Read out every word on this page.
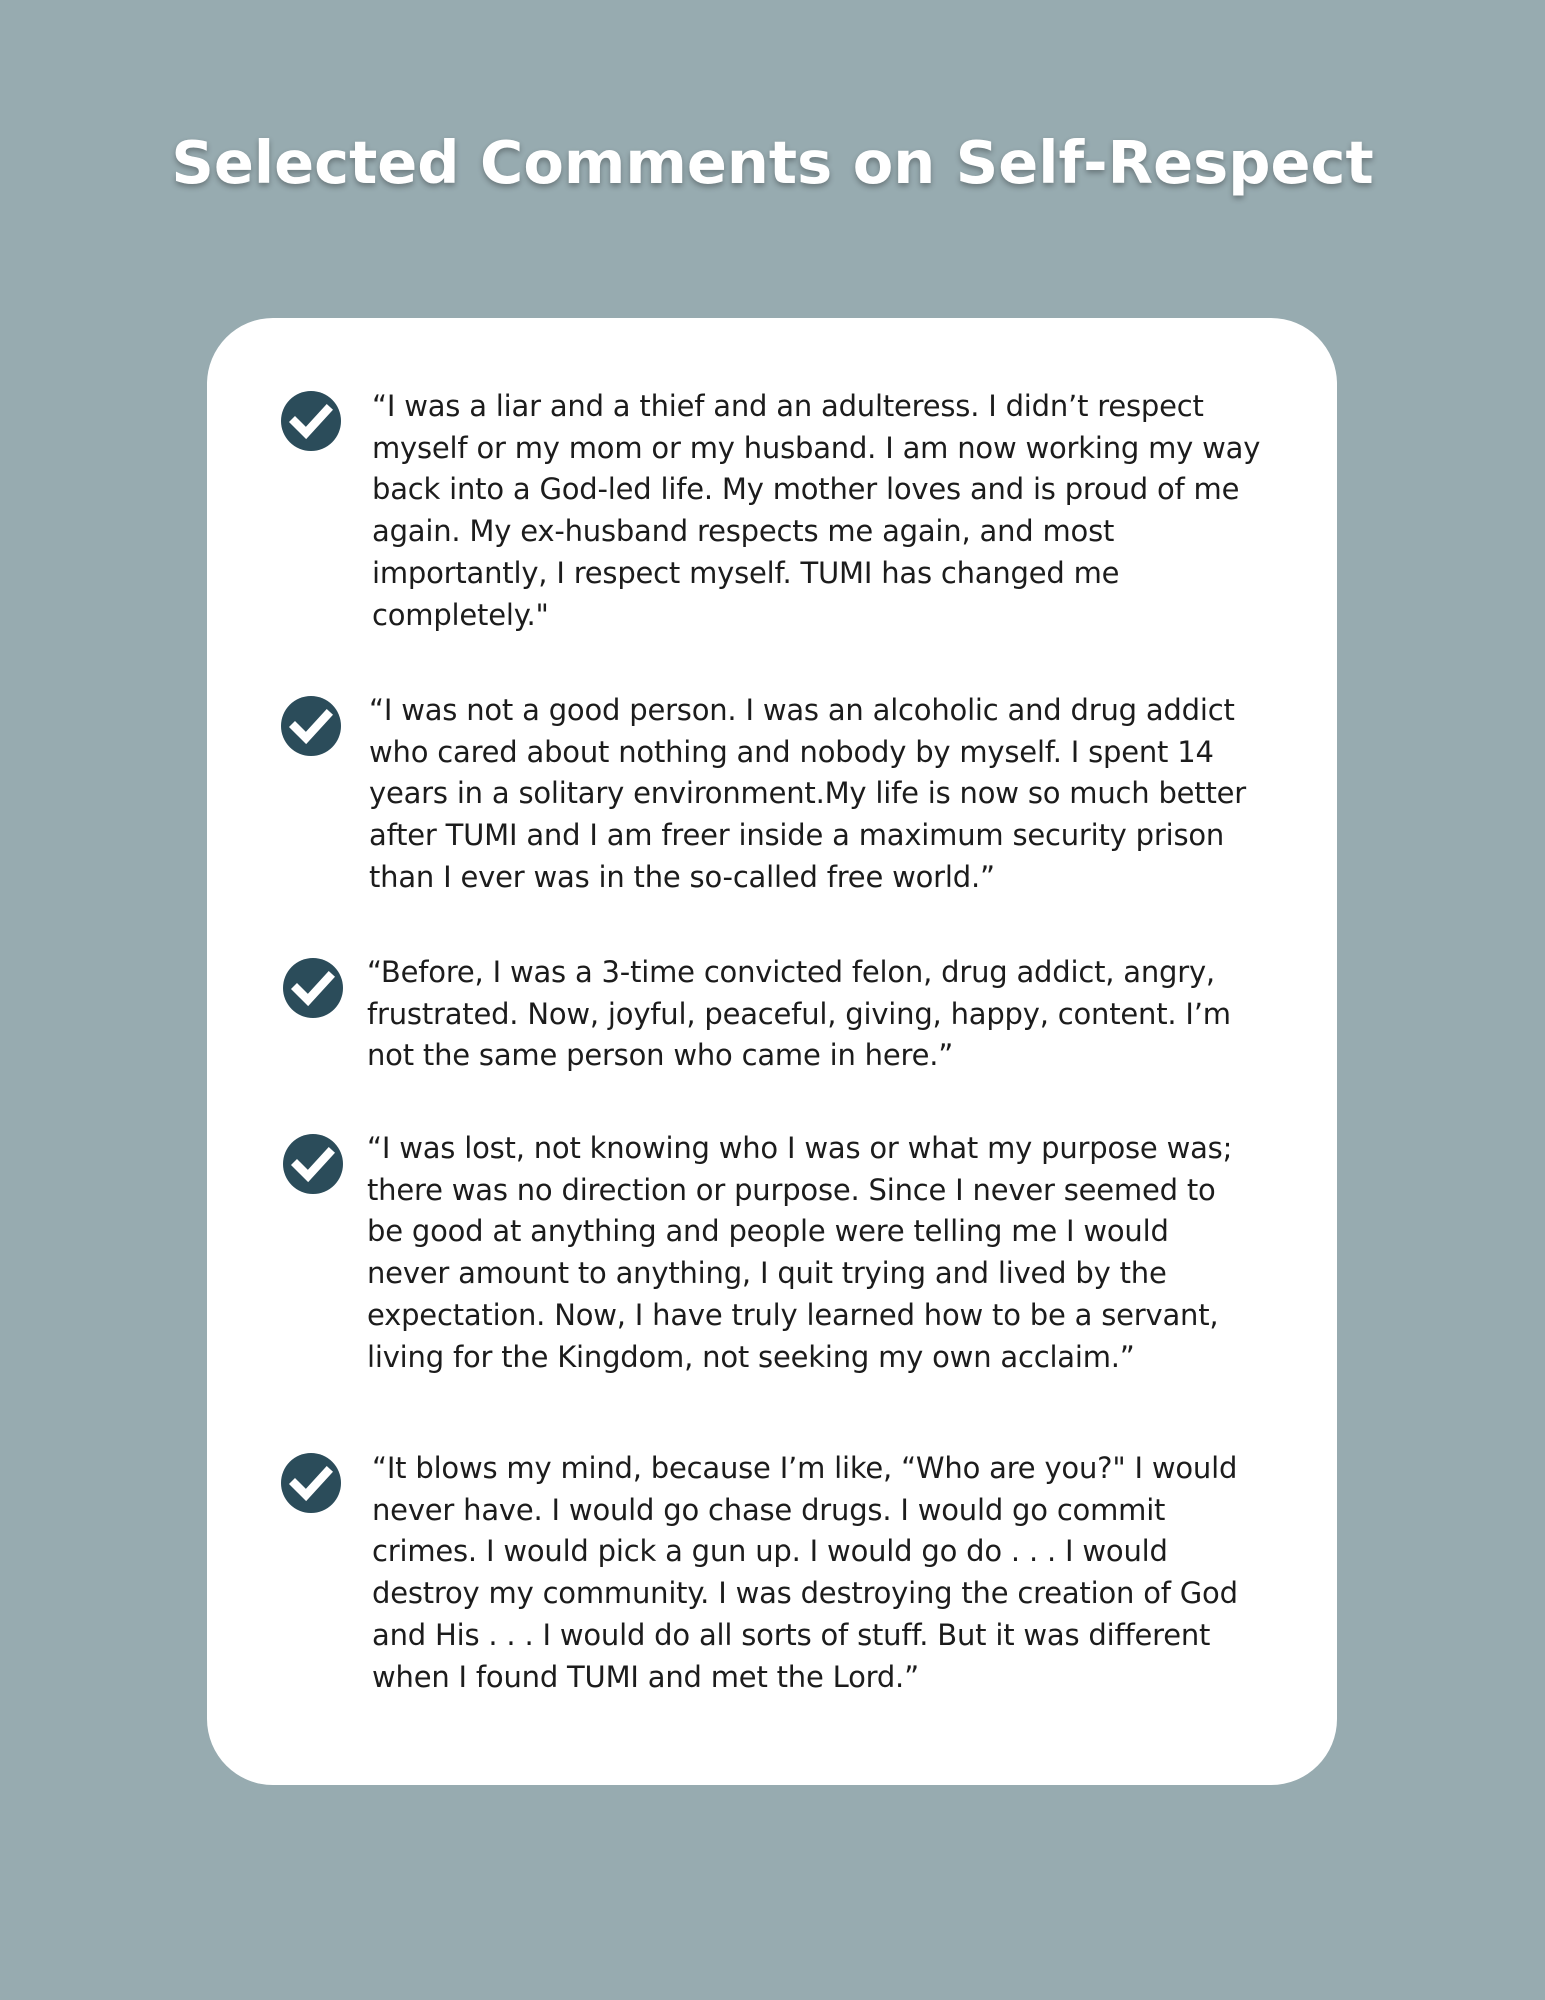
Selected Comments on Self-Respect

“I was a liar and a thief and an adulteress. I didn’t respect myself or my mom or my husband. I am now working my way back into a God-led life. My mother loves and is proud of me again. My ex-husband respects me again, and most importantly, I respect myself. TUMI has changed me completely."

“I was not a good person. I was an alcoholic and drug addict who cared about nothing and nobody by myself. I spent 14 years in a solitary environment.My life is now so much better after TUMI and I am freer inside a maximum security prison than I ever was in the so-called free world.”

“Before, I was a 3-time convicted felon, drug addict, angry, frustrated. Now, joyful, peaceful, giving, happy, content. I’m not the same person who came in here.”

“I was lost, not knowing who I was or what my purpose was; there was no direction or purpose. Since I never seemed to be good at anything and people were telling me I would never amount to anything, I quit trying and lived by the expectation. Now, I have truly learned how to be a servant, living for the Kingdom, not seeking my own acclaim.”

“It blows my mind, because I’m like, “Who are you?" I would never have. I would go chase drugs. I would go commit crimes. I would pick a gun up. I would go do . . . I would destroy my community. I was destroying the creation of God and His . . . I would do all sorts of stuff. But it was different when I found TUMI and met the Lord.”
